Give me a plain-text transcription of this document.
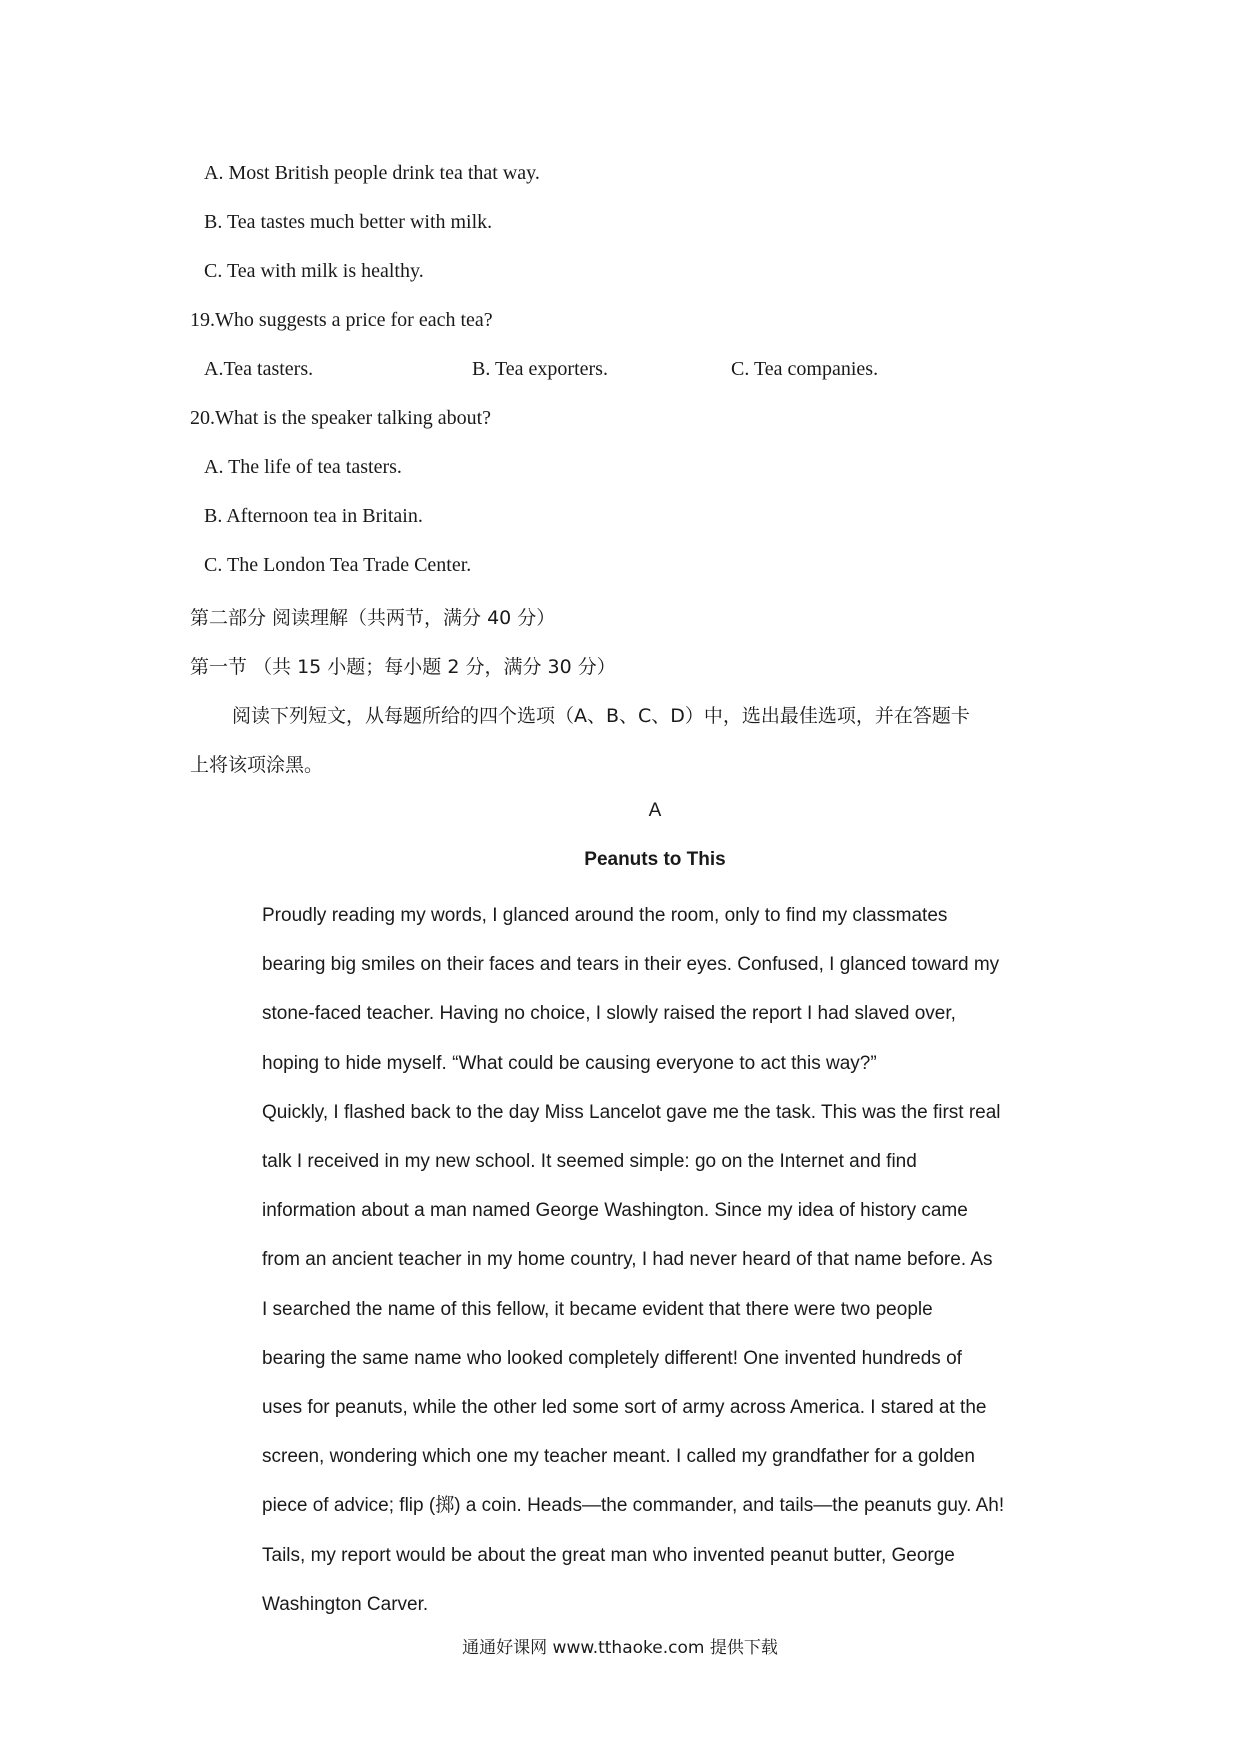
A. Most British people drink tea that way.
B. Tea tastes much better with milk.
C. Tea with milk is healthy.
19.Who suggests a price for each tea?
A.Tea tasters.	B. Tea exporters.	C. Tea companies.
20.What is the speaker talking about?
A. The life of tea tasters.
B. Afternoon tea in Britain.
C. The London Tea Trade Center.
第二部分 阅读理解（共两节，满分 40 分）
第一节 （共 15 小题；每小题 2 分，满分 30 分）
阅读下列短文，从每题所给的四个选项（A、B、C、D）中，选出最佳选项，并在答题卡
上将该项涂黑。
A
Peanuts to This

Proudly reading my words, I glanced around the room, only to find my classmates

bearing big smiles on their faces and tears in their eyes. Confused, I glanced toward my

stone-faced teacher. Having no choice, I slowly raised the report I had slaved over,

hoping to hide myself. “What could be causing everyone to act this way?”

Quickly, I flashed back to the day Miss Lancelot gave me the task. This was the first real

talk I received in my new school. It seemed simple: go on the Internet and find

information about a man named George Washington. Since my idea of history came

from an ancient teacher in my home country, I had never heard of that name before. As

I searched the name of this fellow, it became evident that there were two people

bearing the same name who looked completely different! One invented hundreds of

uses for peanuts, while the other led some sort of army across America. I stared at the

screen, wondering which one my teacher meant. I called my grandfather for a golden

piece of advice; flip (掷) a coin. Heads—the commander, and tails—the peanuts guy. Ah!

Tails, my report would be about the great man who invented peanut butter, George

Washington Carver.

通通好课网 www.tthaoke.com 提供下载
